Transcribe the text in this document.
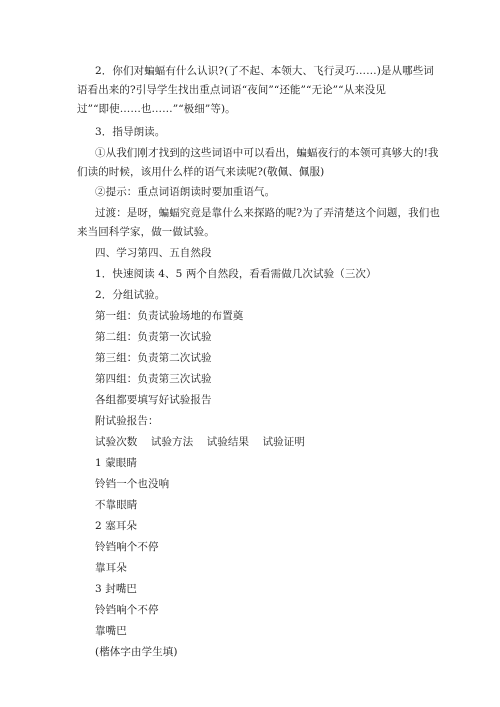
2．你们对蝙蝠有什么认识?(了不起、本领大、飞行灵巧……)是从哪些词
语看出来的?引导学生找出重点词语“夜间”“还能”“无论”“从来没见
过”“即使……也……”“极细”等)。
3．指导朗读。
①从我们刚才找到的这些词语中可以看出，蝙蝠夜行的本领可真够大的!我
们读的时候，该用什么样的语气来读呢?(敬佩、佩服)
②提示：重点词语朗读时要加重语气。
过渡：是呀，蝙蝠究竟是靠什么来探路的呢?为了弄清楚这个问题，我们也
来当回科学家，做一做试验。
四、学习第四、五自然段
1．快速阅读 4、5 两个自然段，看看需做几次试验（三次）
2．分组试验。
第一组：负责试验场地的布置奠
第二组：负责第一次试验
第三组：负责第二次试验
第四组：负责第三次试验
各组都要填写好试验报告
附试验报告：
试验次数 试验方法 试验结果 试验证明
1 蒙眼睛
铃铛一个也没响
不靠眼睛
2 塞耳朵
铃铛响个不停
靠耳朵
3 封嘴巴
铃铛响个不停
靠嘴巴
(楷体字由学生填)
